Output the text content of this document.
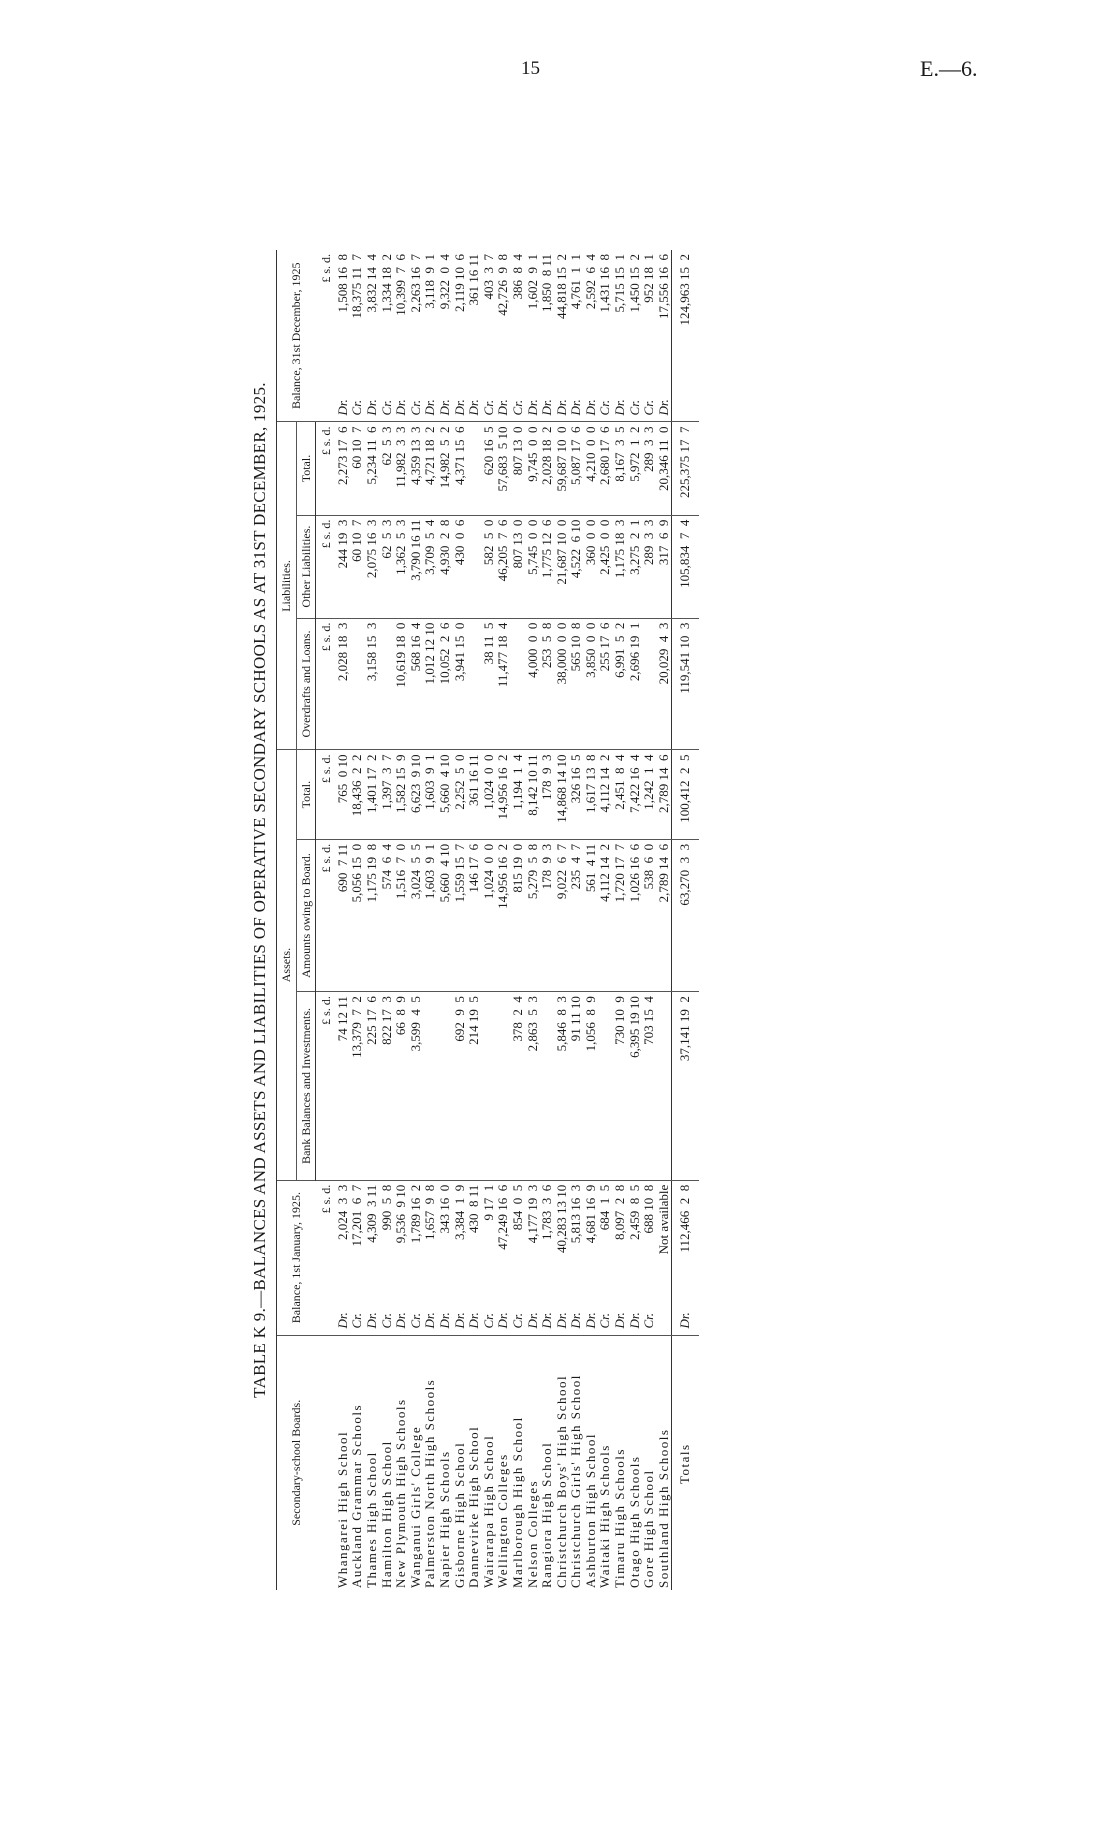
15	E.—6.
TABLE K 9.—BALANCES AND ASSETS AND LIABILITIES OF OPERATIVE SECONDARY SCHOOLS AS AT 31ST DECEMBER, 1925.
Secondary-school Boards.	Balance, 1st January, 1925.		Assets.			Liabilities.			Balance, 31st December, 1925	
			Bank Balances and Investments.	Amounts owing to Board.	Total.	Overdrafts and Loans.	Other Liabilities.	Total.		
	£ s. d.		£ s. d.	£ s. d.	£ s. d.	£ s. d.	£ s. d.	£ s. d.	£ s. d.	
Whangarei High School	Dr.	2,024  3  3	74 12 11	690  7 11	765  0 10	2,028 18  3	244 19  3	2,273 17  6	Dr.	1,508 16  8
Auckland Grammar Schools	Cr.	17,201  6  7	13,379  7  2	5,056 15  0	18,436  2  2		60 10  7	60 10  7	Cr.	18,375 11  7
Thames High School	Dr.	4,309  3 11	225 17  6	1,175 19  8	1,401 17  2	3,158 15  3	2,075 16  3	5,234 11  6	Dr.	3,832 14  4
Hamilton High School	Cr.	990  5  8	822 17  3	574  6  4	1,397  3  7		62  5  3	62  5  3	Cr.	1,334 18  2
New Plymouth High Schools	Dr.	9,536  9 10	66  8  9	1,516  7  0	1,582 15  9	10,619 18  0	1,362  5  3	11,982  3  3	Dr.	10,399  7  6
Wanganui Girls' College	Cr.	1,789 16  2	3,599  4  5	3,024  5  5	6,623  9 10	568 16  4	3,790 16 11	4,359 13  3	Cr.	2,263 16  7
Palmerston North High Schools	Dr.	1,657  9  8		1,603  9  1	1,603  9  1	1,012 12 10	3,709  5  4	4,721 18  2	Dr.	3,118  9  1
Napier High Schools	Dr.	343 16  0		5,660  4 10	5,660  4 10	10,052  2  6	4,930  2  8	14,982  5  2	Dr.	9,322  0  4
Gisborne High School	Dr.	3,384  1  9	692  9  5	1,559 15  7	2,252  5  0	3,941 15  0	430  0  6	4,371 15  6	Dr.	2,119 10  6
Dannevirke High School	Dr.	430  8 11	214 19  5	146 17  6	361 16 11				Dr.	361 16 11
Wairarapa High School	Cr.	9 17  1		1,024  0  0	1,024  0  0	38 11  5	582  5  0	620 16  5	Cr.	403  3  7
Wellington Colleges	Dr.	47,249 16  6		14,956 16  2	14,956 16  2	11,477 18  4	46,205  7  6	57,683  5 10	Dr.	42,726  9  8
Marlborough High School	Cr.	854  0  5	378  2  4	815 19  0	1,194  1  4		807 13  0	807 13  0	Cr.	386  8  4
Nelson Colleges	Dr.	4,177 19  3	2,863  5  3	5,279  5  8	8,142 10 11	4,000  0  0	5,745  0  0	9,745  0  0	Dr.	1,602  9  1
Rangiora High School	Dr.	1,783  3  6		178  9  3	178  9  3	253  5  8	1,775 12  6	2,028 18  2	Dr.	1,850  8 11
Christchurch Boys' High School	Dr.	40,283 13 10	5,846  8  3	9,022  6  7	14,868 14 10	38,000  0  0	21,687 10  0	59,687 10  0	Dr.	44,818 15  2
Christchurch Girls' High School	Dr.	5,813 16  3	91 11 10	235  4  7	326 16  5	565 10  8	4,522  6 10	5,087 17  6	Dr.	4,761  1  1
Ashburton High School	Dr.	4,681 16  9	1,056  8  9	561  4 11	1,617 13  8	3,850  0  0	360  0  0	4,210  0  0	Dr.	2,592  6  4
Waitaki High Schools	Cr.	684  1  5		4,112 14  2	4,112 14  2	255 17  6	2,425  0  0	2,680 17  6	Cr.	1,431 16  8
Timaru High Schools	Dr.	8,097  2  8	730 10  9	1,720 17  7	2,451  8  4	6,991  5  2	1,175 18  3	8,167  3  5	Dr.	5,715 15  1
Otago High Schools	Dr.	2,459  8  5	6,395 19 10	1,026 16  6	7,422 16  4	2,696 19  1	3,275  2  1	5,972  1  2	Cr.	1,450 15  2
Gore High School	Cr.	688 10  8	703 15  4	538  6  0	1,242  1  4		289  3  3	289  3  3	Cr.	952 18  1
Southland High Schools		Not available		2,789 14  6	2,789 14  6	20,029  4  3	317  6  9	20,346 11  0	Dr.	17,556 16  6
Totals	Dr.	112,466  2  8	37,141 19  2	63,270  3  3	100,412  2  5	119,541 10  3	105,834  7  4	225,375 17  7		124,963 15  2
